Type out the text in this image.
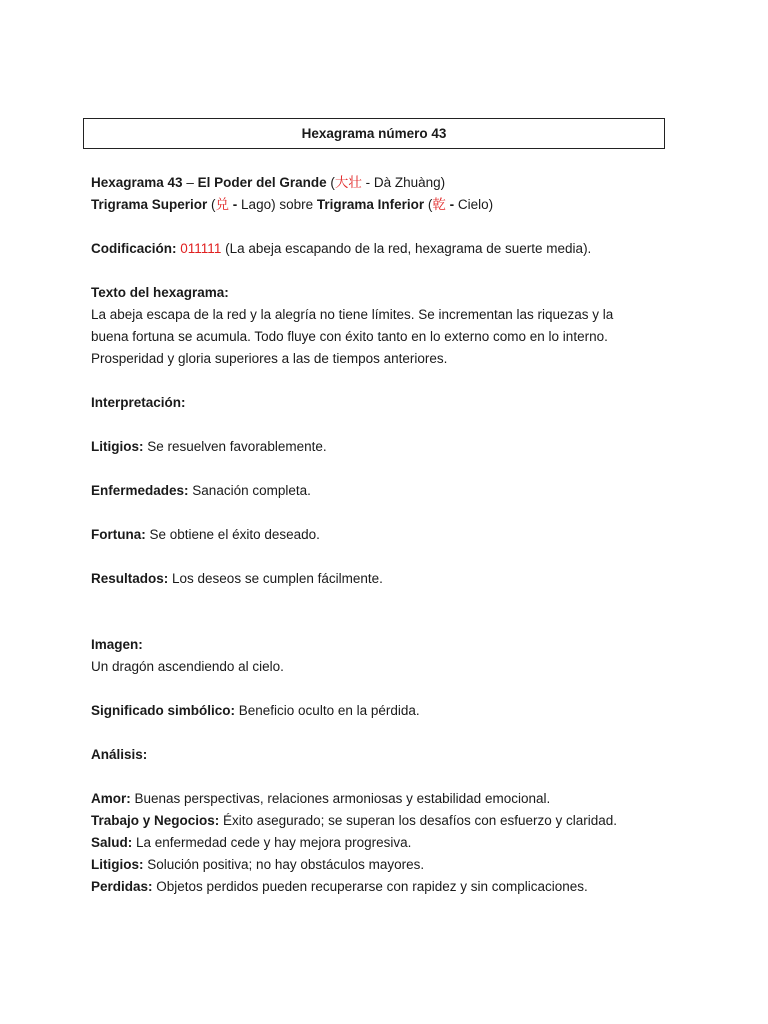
Hexagrama número 43
Hexagrama 43 – El Poder del Grande (大壮 - Dà Zhuàng)
Trigrama Superior (兑 - Lago) sobre Trigrama Inferior (乾 - Cielo)
Codificación: 011111 (La abeja escapando de la red, hexagrama de suerte media).
Texto del hexagrama:
La abeja escapa de la red y la alegría no tiene límites. Se incrementan las riquezas y la
buena fortuna se acumula. Todo fluye con éxito tanto en lo externo como en lo interno.
Prosperidad y gloria superiores a las de tiempos anteriores.
Interpretación:
Litigios: Se resuelven favorablemente.
Enfermedades: Sanación completa.
Fortuna: Se obtiene el éxito deseado.
Resultados: Los deseos se cumplen fácilmente.
Imagen:
Un dragón ascendiendo al cielo.
Significado simbólico: Beneficio oculto en la pérdida.
Análisis:
Amor: Buenas perspectivas, relaciones armoniosas y estabilidad emocional.
Trabajo y Negocios: Éxito asegurado; se superan los desafíos con esfuerzo y claridad.
Salud: La enfermedad cede y hay mejora progresiva.
Litigios: Solución positiva; no hay obstáculos mayores.
Perdidas: Objetos perdidos pueden recuperarse con rapidez y sin complicaciones.
